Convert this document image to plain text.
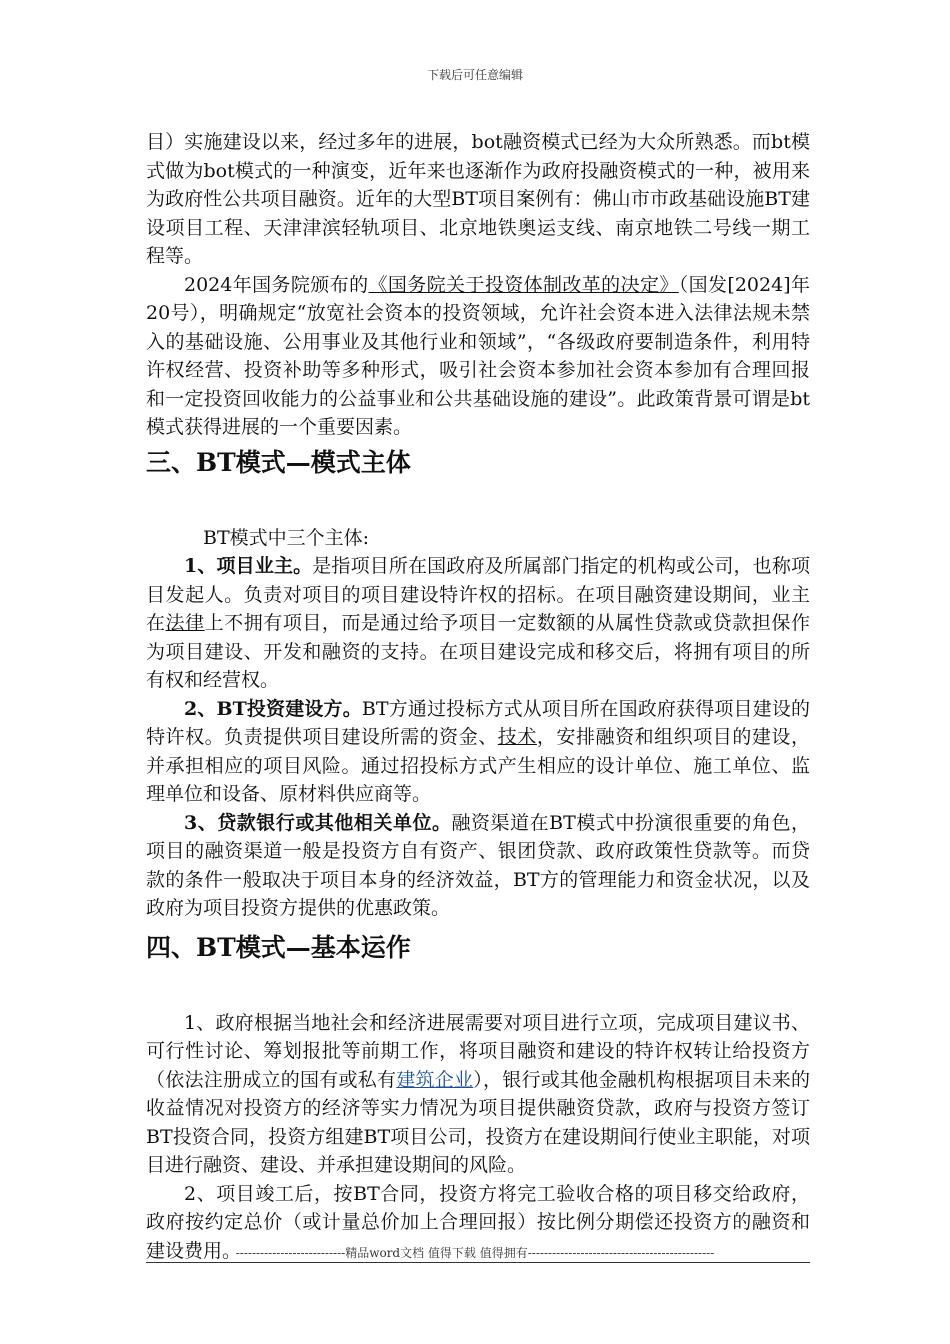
下载后可任意编辑

目）实施建设以来，经过多年的进展，bot融资模式已经为大众所熟悉。而bt模式做为bot模式的一种演变，近年来也逐渐作为政府投融资模式的一种，被用来为政府性公共项目融资。近年的大型BT项目案例有：佛山市市政基础设施BT建设项目工程、天津津滨轻轨项目、北京地铁奥运支线、南京地铁二号线一期工程等。

2024年国务院颁布的《国务院关于投资体制改革的决定》（国发[2024]年20号），明确规定“放宽社会资本的投资领域，允许社会资本进入法律法规未禁入的基础设施、公用事业及其他行业和领域”，“各级政府要制造条件，利用特许权经营、投资补助等多种形式，吸引社会资本参加社会资本参加有合理回报和一定投资回收能力的公益事业和公共基础设施的建设”。此政策背景可谓是bt模式获得进展的一个重要因素。

三、BT模式—模式主体

BT模式中三个主体:

1、项目业主。是指项目所在国政府及所属部门指定的机构或公司，也称项目发起人。负责对项目的项目建设特许权的招标。在项目融资建设期间，业主在法律上不拥有项目，而是通过给予项目一定数额的从属性贷款或贷款担保作为项目建设、开发和融资的支持。在项目建设完成和移交后，将拥有项目的所有权和经营权。

2、BT投资建设方。BT方通过投标方式从项目所在国政府获得项目建设的特许权。负责提供项目建设所需的资金、技术，安排融资和组织项目的建设，并承担相应的项目风险。通过招投标方式产生相应的设计单位、施工单位、监理单位和设备、原材料供应商等。

3、贷款银行或其他相关单位。融资渠道在BT模式中扮演很重要的角色，项目的融资渠道一般是投资方自有资产、银团贷款、政府政策性贷款等。而贷款的条件一般取决于项目本身的经济效益，BT方的管理能力和资金状况，以及政府为项目投资方提供的优惠政策。

四、BT模式—基本运作

1、政府根据当地社会和经济进展需要对项目进行立项，完成项目建议书、可行性讨论、筹划报批等前期工作，将项目融资和建设的特许权转让给投资方（依法注册成立的国有或私有建筑企业），银行或其他金融机构根据项目未来的收益情况对投资方的经济等实力情况为项目提供融资贷款，政府与投资方签订BT投资合同，投资方组建BT项目公司，投资方在建设期间行使业主职能，对项目进行融资、建设、并承担建设期间的风险。

2、项目竣工后，按BT合同，投资方将完工验收合格的项目移交给政府，政府按约定总价（或计量总价加上合理回报）按比例分期偿还投资方的融资和建设费用。

---------------------------精品word文档 值得下载 值得拥有----------------------------------------------
